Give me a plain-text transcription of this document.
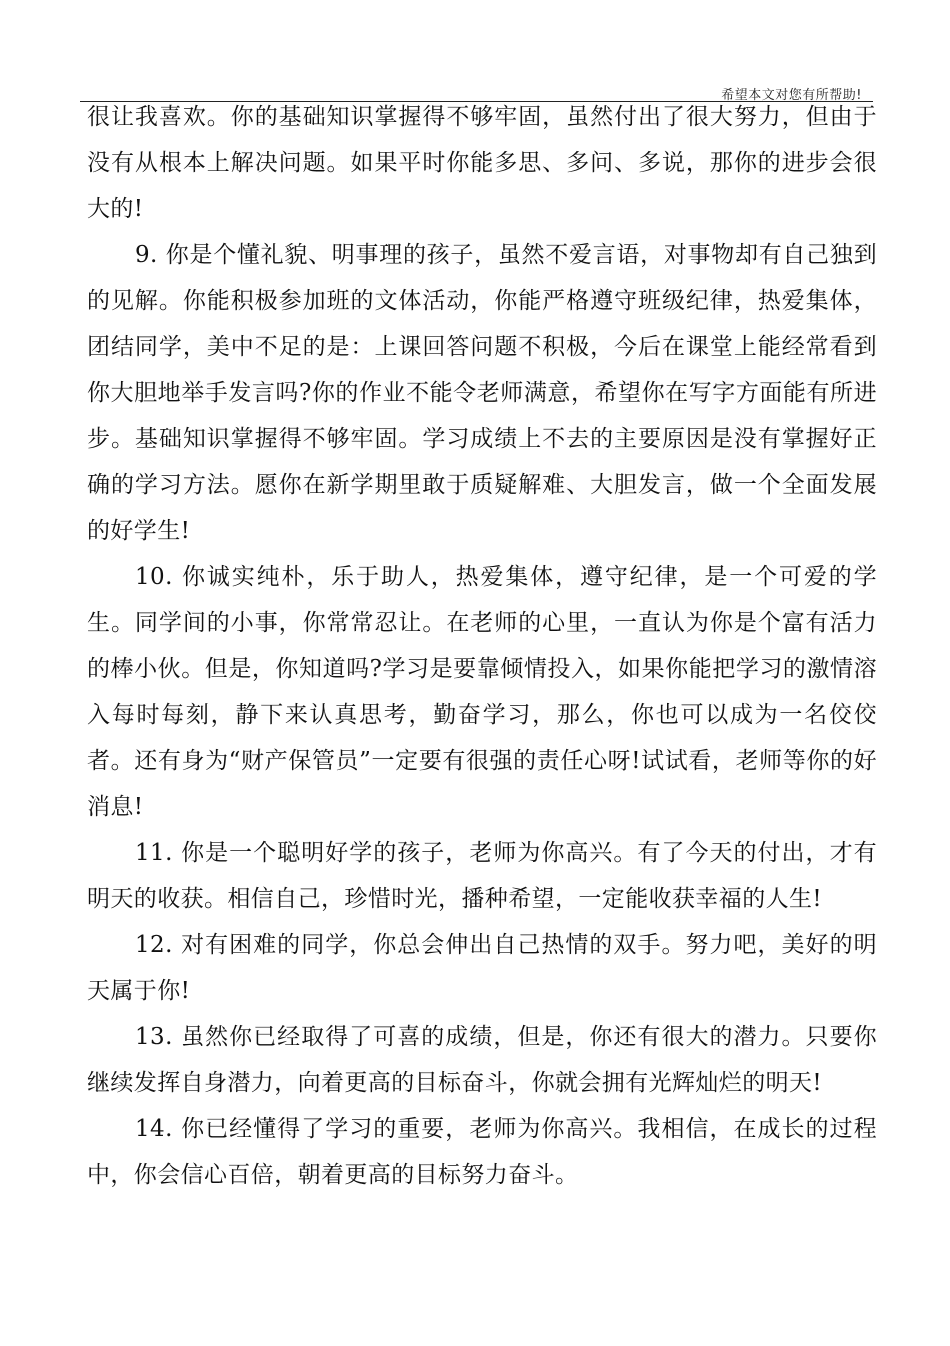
希望本文对您有所帮助!

很让我喜欢。你的基础知识掌握得不够牢固，虽然付出了很大努力，但由于没有从根本上解决问题。如果平时你能多思、多问、多说，那你的进步会很大的!

9. 你是个懂礼貌、明事理的孩子，虽然不爱言语，对事物却有自己独到的见解。你能积极参加班的文体活动，你能严格遵守班级纪律，热爱集体，团结同学，美中不足的是：上课回答问题不积极，今后在课堂上能经常看到你大胆地举手发言吗?你的作业不能令老师满意，希望你在写字方面能有所进步。基础知识掌握得不够牢固。学习成绩上不去的主要原因是没有掌握好正确的学习方法。愿你在新学期里敢于质疑解难、大胆发言，做一个全面发展的好学生!

10. 你诚实纯朴，乐于助人，热爱集体，遵守纪律，是一个可爱的学生。同学间的小事，你常常忍让。在老师的心里，一直认为你是个富有活力的棒小伙。但是，你知道吗?学习是要靠倾情投入，如果你能把学习的激情溶入每时每刻，静下来认真思考，勤奋学习，那么，你也可以成为一名佼佼者。还有身为“财产保管员”一定要有很强的责任心呀!试试看，老师等你的好消息!

11. 你是一个聪明好学的孩子，老师为你高兴。有了今天的付出，才有明天的收获。相信自己，珍惜时光，播种希望，一定能收获幸福的人生!

12. 对有困难的同学，你总会伸出自己热情的双手。努力吧，美好的明天属于你!

13. 虽然你已经取得了可喜的成绩，但是，你还有很大的潜力。只要你继续发挥自身潜力，向着更高的目标奋斗，你就会拥有光辉灿烂的明天!

14. 你已经懂得了学习的重要，老师为你高兴。我相信，在成长的过程中，你会信心百倍，朝着更高的目标努力奋斗。
